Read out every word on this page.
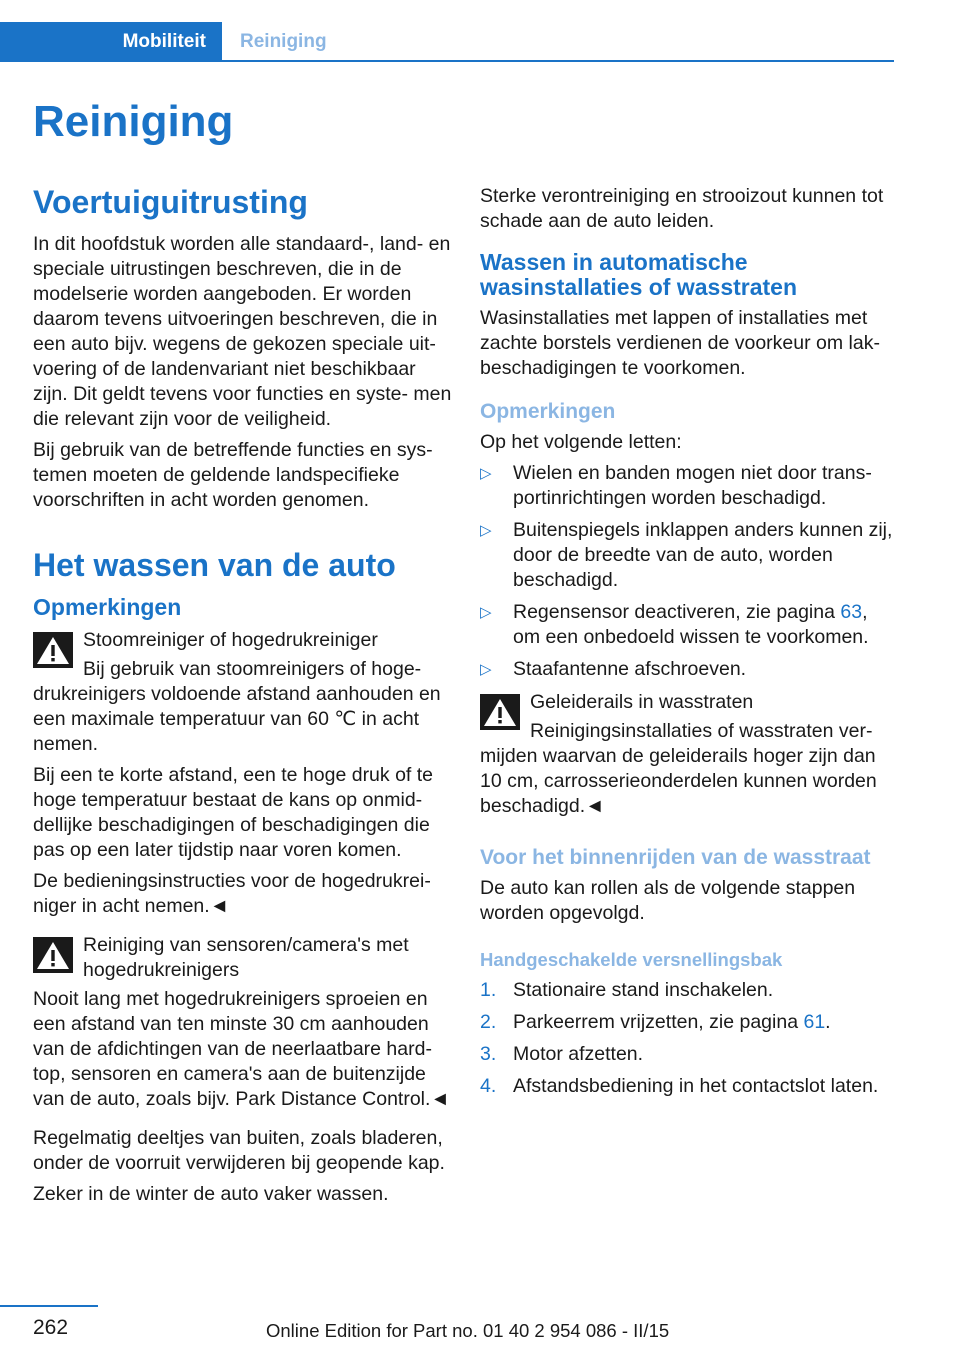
Mobiliteit	Reiniging
Reiniging
Voertuiguitrusting

In dit hoofdstuk worden alle standaard-, land- en speciale uitrustingen beschreven, die in de modelserie worden aangeboden. Er worden daarom tevens uitvoeringen beschreven, die in een auto bijv. wegens de gekozen speciale uit- voering of de landenvariant niet beschikbaar zijn. Dit geldt tevens voor functies en syste- men die relevant zijn voor de veiligheid.

Bij gebruik van de betreffende functies en sys- temen moeten de geldende landspecifieke voorschriften in acht worden genomen.

Het wassen van de auto
Opmerkingen
Stoomreiniger of hogedrukreiniger

Bij gebruik van stoomreinigers of hoge- drukreinigers voldoende afstand aanhouden en een maximale temperatuur van 60 ℃ in acht nemen.

Bij een te korte afstand, een te hoge druk of te hoge temperatuur bestaat de kans op onmid- dellijke beschadigingen of beschadigingen die pas op een later tijdstip naar voren komen.

De bedieningsinstructies voor de hogedrukrei- niger in acht nemen.◄

Reiniging van sensoren/camera's met hogedrukreinigers

Nooit lang met hogedrukreinigers sproeien en een afstand van ten minste 30 cm aanhouden van de afdichtingen van de neerlaatbare hard- top, sensoren en camera's aan de buitenzijde van de auto, zoals bijv. Park Distance Control.◄

Regelmatig deeltjes van buiten, zoals bladeren, onder de voorruit verwijderen bij geopende kap.

Zeker in de winter de auto vaker wassen.

Sterke verontreiniging en strooizout kunnen tot schade aan de auto leiden.

Wassen in automatische wasinstallaties of wasstraten

Wasinstallaties met lappen of installaties met zachte borstels verdienen de voorkeur om lak- beschadigingen te voorkomen.

Opmerkingen

Op het volgende letten:

▷ Wielen en banden mogen niet door trans- portinrichtingen worden beschadigd.
▷ Buitenspiegels inklappen anders kunnen zij, door de breedte van de auto, worden beschadigd.
▷ Regensensor deactiveren, zie pagina 63, om een onbedoeld wissen te voorkomen.
▷ Staafantenne afschroeven.
Geleiderails in wasstraten

Reinigingsinstallaties of wasstraten ver- mijden waarvan de geleiderails hoger zijn dan 10 cm, carrosserieonderdelen kunnen worden beschadigd.◄

Voor het binnenrijden van de wasstraat

De auto kan rollen als de volgende stappen worden opgevolgd.

Handgeschakelde versnellingsbak
1. Stationaire stand inschakelen.
2. Parkeerrem vrijzetten, zie pagina 61.
3. Motor afzetten.
4. Afstandsbediening in het contactslot laten.
262	Online Edition for Part no. 01 40 2 954 086 - II/15
